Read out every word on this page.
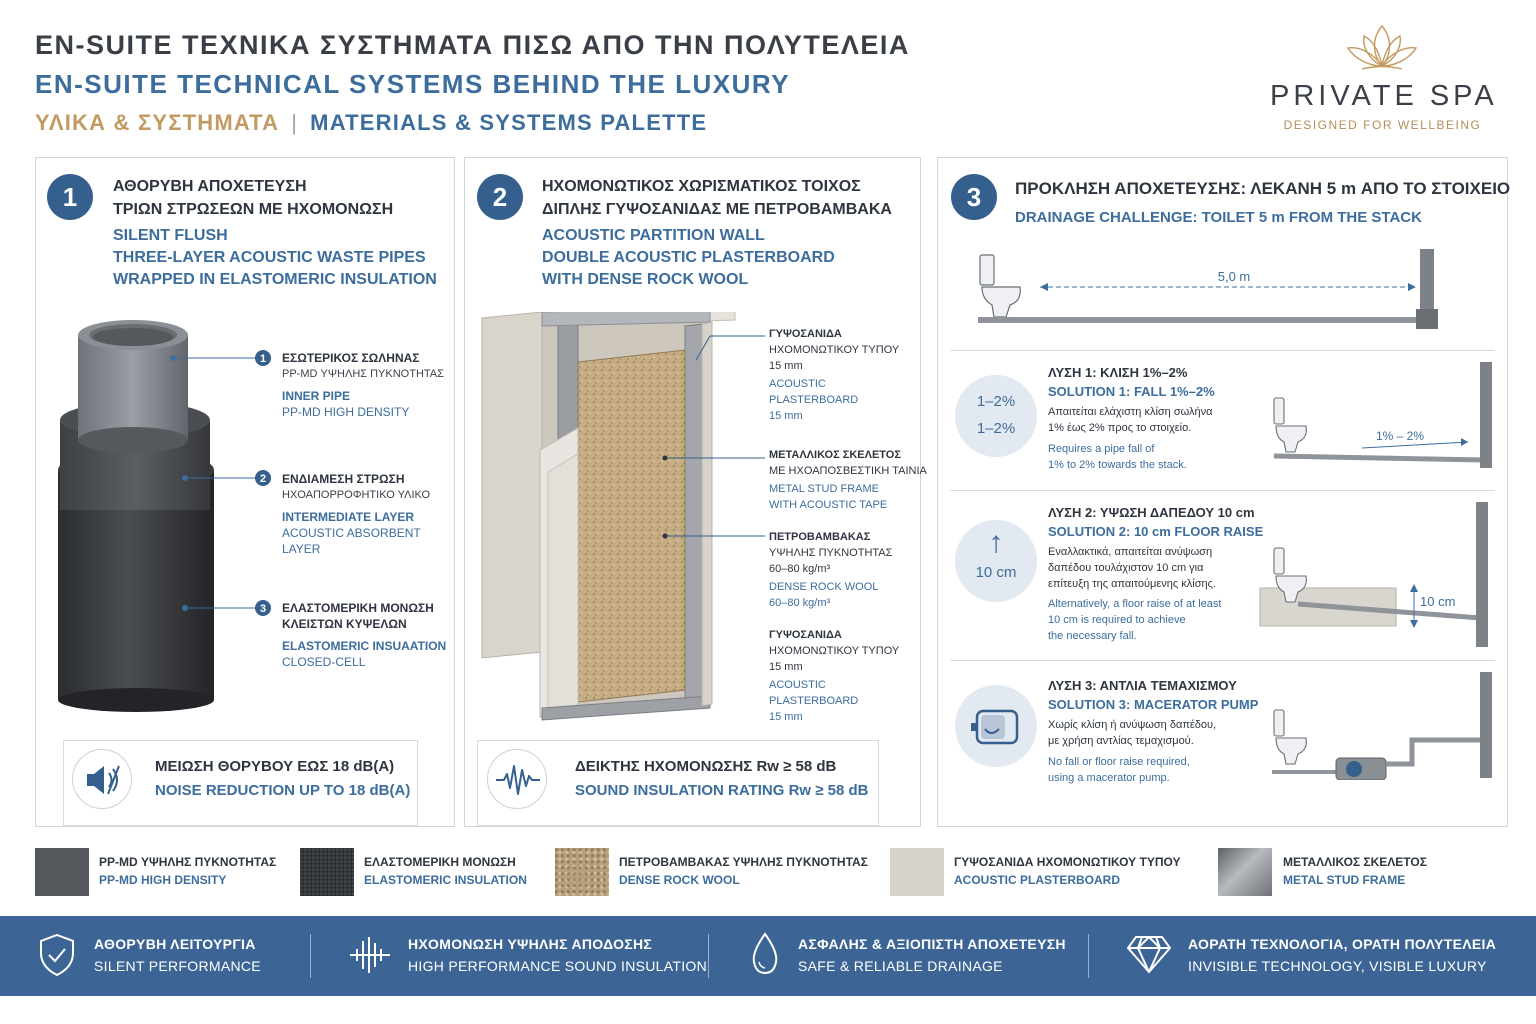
EN-SUITE ΤΕΧΝΙΚΑ ΣΥΣΤΗΜΑΤΑ ΠΙΣΩ ΑΠΟ ΤΗΝ ΠΟΛΥΤΕΛΕΙΑ
EN-SUITE TECHNICAL SYSTEMS BEHIND THE LUXURY
ΥΛΙΚΑ & ΣΥΣΤΗΜΑΤΑ | MATERIALS & SYSTEMS PALETTE
PRIVATE SPA
DESIGNED FOR WELLBEING
1	ΑΘΟΡΥΒΗ ΑΠΟΧΕΤΕΥΣΗ
ΤΡΙΩΝ ΣΤΡΩΣΕΩΝ ΜΕ ΗΧΟΜΟΝΩΣΗ
SILENT FLUSH
THREE-LAYER ACOUSTIC WASTE PIPES
WRAPPED IN ELASTOMERIC INSULATION
1
2
3
ΕΣΩΤΕΡΙΚΟΣ ΣΩΛΗΝΑΣ
PP-MD ΥΨΗΛΗΣ ΠΥΚΝΟΤΗΤΑΣ
INNER PIPE
PP-MD HIGH DENSITY
ΕΝΔΙΑΜΕΣΗ ΣΤΡΩΣΗ
ΗΧΟΑΠΟΡΡΟΦΗΤΙΚΟ ΥΛΙΚΟ
INTERMEDIATE LAYER
ACOUSTIC ABSORBENT
LAYER
ΕΛΑΣΤΟΜΕΡΙΚΗ ΜΟΝΩΣΗ
ΚΛΕΙΣΤΩΝ ΚΥΨΕΛΩΝ
ELASTOMERIC INSUAATION
CLOSED-CELL
ΜΕΙΩΣΗ ΘΟΡΥΒΟΥ ΕΩΣ 18 dB(A)
NOISE REDUCTION UP TO 18 dB(A)
2	ΗΧΟΜΟΝΩΤΙΚΟΣ ΧΩΡΙΣΜΑΤΙΚΟΣ ΤΟΙΧΟΣ
ΔΙΠΛΗΣ ΓΥΨΟΣΑΝΙΔΑΣ ΜΕ ΠΕΤΡΟΒΑΜΒΑΚΑ
ACOUSTIC PARTITION WALL
DOUBLE ACOUSTIC PLASTERBOARD
WITH DENSE ROCK WOOL
ΓΥΨΟΣΑΝΙΔΑ
ΗΧΟΜΟΝΩΤΙΚΟΥ ΤΥΠΟΥ
15 mm
ACOUSTIC
PLASTERBOARD
15 mm
ΜΕΤΑΛΛΙΚΟΣ ΣΚΕΛΕΤΟΣ
ΜΕ ΗΧΟΑΠΟΣΒΕΣΤΙΚΗ ΤΑΙΝΙΑ
METAL STUD FRAME
WITH ACOUSTIC TAPE
ΠΕΤΡΟΒΑΜΒΑΚΑΣ
ΥΨΗΛΗΣ ΠΥΚΝΟΤΗΤΑΣ
60–80 kg/m³
DENSE ROCK WOOL
60–80 kg/m³
ΓΥΨΟΣΑΝΙΔΑ
ΗΧΟΜΟΝΩΤΙΚΟΥ ΤΥΠΟΥ
15 mm
ACOUSTIC
PLASTERBOARD
15 mm
ΔΕΙΚΤΗΣ ΗΧΟΜΟΝΩΣΗΣ Rw ≥ 58 dB
SOUND INSULATION RATING Rw ≥ 58 dB
3	ΠΡΟΚΛΗΣΗ ΑΠΟΧΕΤΕΥΣΗΣ: ΛΕΚΑΝΗ 5 m ΑΠΟ ΤΟ ΣΤΟΙΧΕΙΟ
DRAINAGE CHALLENGE: TOILET 5 m FROM THE STACK
5,0 m
1–2%
1–2%
ΛΥΣΗ 1: ΚΛΙΣΗ 1%–2%
SOLUTION 1: FALL 1%–2%
Απαιτείται ελάχιστη κλίση σωλήνα
1% έως 2% προς το στοιχείο.
Requires a pipe fall of
1% to 2% towards the stack.
1% – 2%
↑
10 cm
ΛΥΣΗ 2: ΥΨΩΣΗ ΔΑΠΕΔΟΥ 10 cm
SOLUTION 2: 10 cm FLOOR RAISE
Εναλλακτικά, απαιτείται ανύψωση
δαπέδου τουλάχιστον 10 cm για
επίτευξη της απαιτούμενης κλίσης.
Alternatively, a floor raise of at least
10 cm is required to achieve
the necessary fall.
10 cm
ΛΥΣΗ 3: ΑΝΤΛΙΑ ΤΕΜΑΧΙΣΜΟΥ
SOLUTION 3: MACERATOR PUMP
Χωρίς κλίση ή ανύψωση δαπέδου,
με χρήση αντλίας τεμαχισμού.
No fall or floor raise required,
using a macerator pump.
PP-MD ΥΨΗΛΗΣ ΠΥΚΝΟΤΗΤΑΣ
PP-MD HIGH DENSITY
ΕΛΑΣΤΟΜΕΡΙΚΗ ΜΟΝΩΣΗ
ELASTOMERIC INSULATION
ΠΕΤΡΟΒΑΜΒΑΚΑΣ ΥΨΗΛΗΣ ΠΥΚΝΟΤΗΤΑΣ
DENSE ROCK WOOL
ΓΥΨΟΣΑΝΙΔΑ ΗΧΟΜΟΝΩΤΙΚΟΥ ΤΥΠΟΥ
ACOUSTIC PLASTERBOARD
ΜΕΤΑΛΛΙΚΟΣ ΣΚΕΛΕΤΟΣ
METAL STUD FRAME
ΑΘΟΡΥΒΗ ΛΕΙΤΟΥΡΓΙΑ
SILENT PERFORMANCE
ΗΧΟΜΟΝΩΣΗ ΥΨΗΛΗΣ ΑΠΟΔΟΣΗΣ
HIGH PERFORMANCE SOUND INSULATION
ΑΣΦΑΛΗΣ & ΑΞΙΟΠΙΣΤΗ ΑΠΟΧΕΤΕΥΣΗ
SAFE & RELIABLE DRAINAGE
ΑΟΡΑΤΗ ΤΕΧΝΟΛΟΓΙΑ, ΟΡΑΤΗ ΠΟΛΥΤΕΛΕΙΑ
INVISIBLE TECHNOLOGY, VISIBLE LUXURY
